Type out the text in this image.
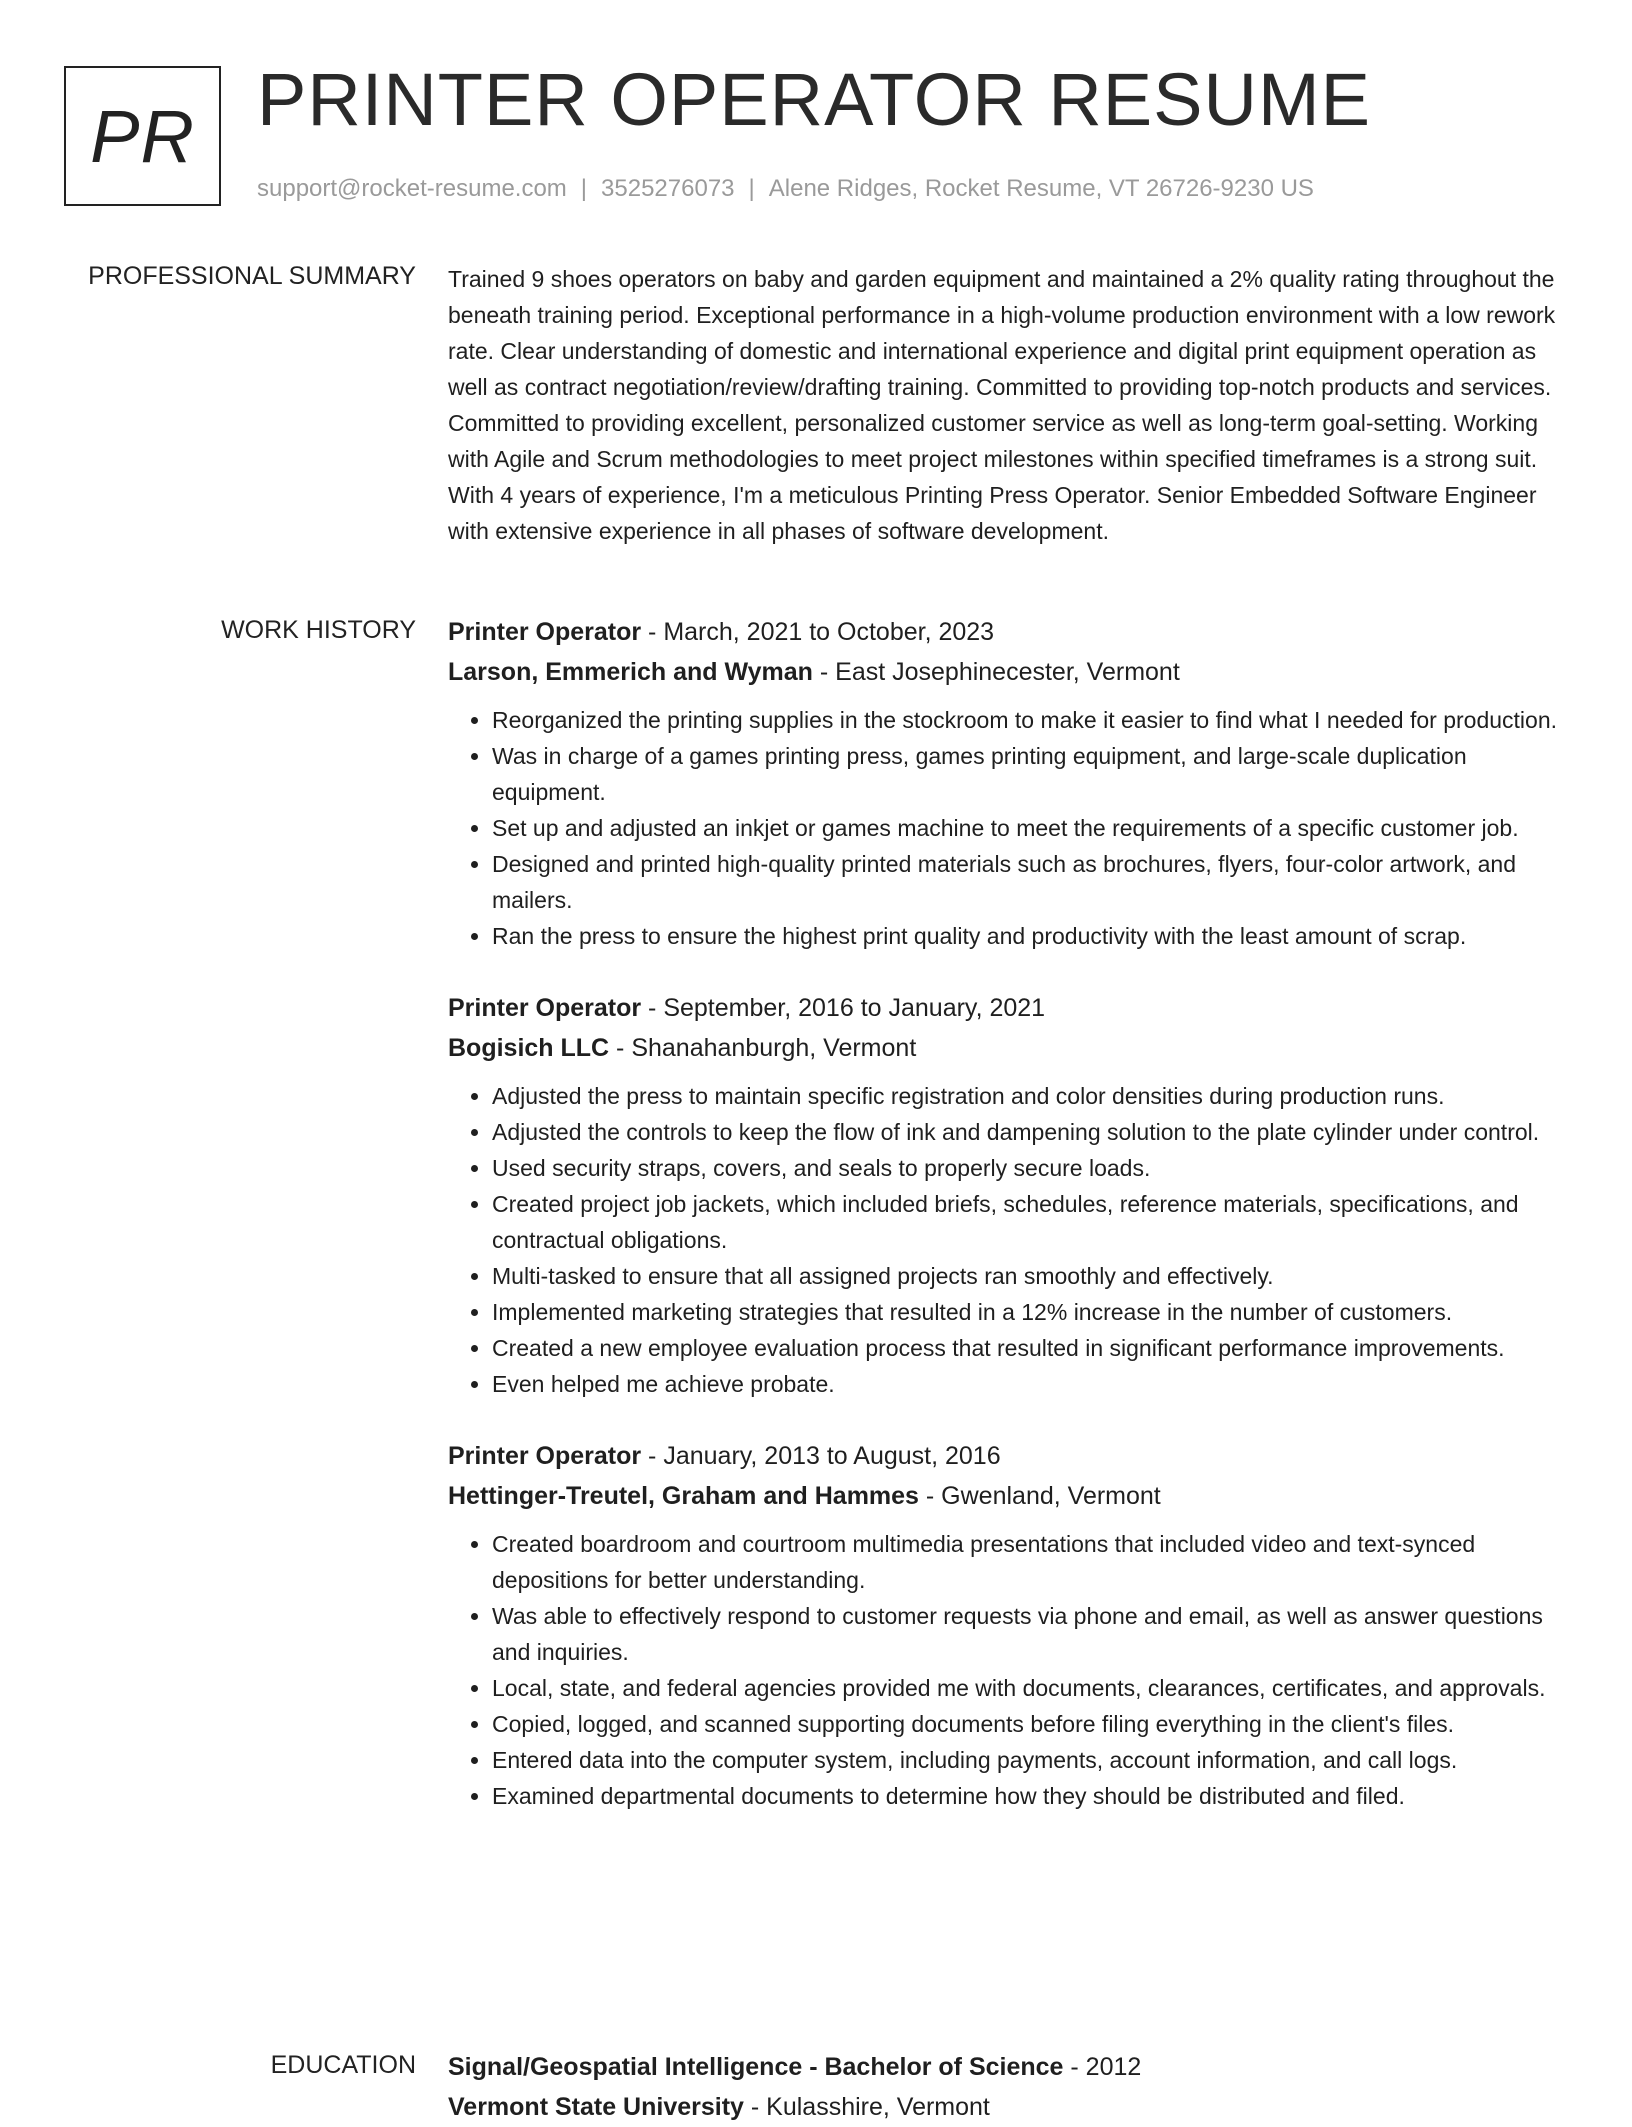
PR PRINTER OPERATOR RESUME
support@rocket-resume.com | 3525276073 | Alene Ridges, Rocket Resume, VT 26726-9230 US
PROFESSIONAL SUMMARY Trained 9 shoes operators on baby and garden equipment and maintained a 2% quality rating throughout the beneath training period. Exceptional performance in a high-volume production environment with a low rework rate. Clear understanding of domestic and international experience and digital print equipment operation as well as contract negotiation/review/drafting training. Committed to providing top-notch products and services. Committed to providing excellent, personalized customer service as well as long-term goal-setting. Working with Agile and Scrum methodologies to meet project milestones within specified timeframes is a strong suit. With 4 years of experience, I'm a meticulous Printing Press Operator. Senior Embedded Software Engineer with extensive experience in all phases of software development.

WORK HISTORY Printer Operator - March, 2021 to October, 2023
Larson, Emmerich and Wyman - East Josephinecester, Vermont
• Reorganized the printing supplies in the stockroom to make it easier to find what I needed for production.
• Was in charge of a games printing press, games printing equipment, and large-scale duplication equipment.
• Set up and adjusted an inkjet or games machine to meet the requirements of a specific customer job.
• Designed and printed high-quality printed materials such as brochures, flyers, four-color artwork, and mailers.
• Ran the press to ensure the highest print quality and productivity with the least amount of scrap.
Printer Operator - September, 2016 to January, 2021
Bogisich LLC - Shanahanburgh, Vermont
• Adjusted the press to maintain specific registration and color densities during production runs.
• Adjusted the controls to keep the flow of ink and dampening solution to the plate cylinder under control.
• Used security straps, covers, and seals to properly secure loads.
• Created project job jackets, which included briefs, schedules, reference materials, specifications, and contractual obligations.
• Multi-tasked to ensure that all assigned projects ran smoothly and effectively.
• Implemented marketing strategies that resulted in a 12% increase in the number of customers.
• Created a new employee evaluation process that resulted in significant performance improvements.
• Even helped me achieve probate.
Printer Operator - January, 2013 to August, 2016
Hettinger-Treutel, Graham and Hammes - Gwenland, Vermont
• Created boardroom and courtroom multimedia presentations that included video and text-synced depositions for better understanding.
• Was able to effectively respond to customer requests via phone and email, as well as answer questions and inquiries.
• Local, state, and federal agencies provided me with documents, clearances, certificates, and approvals.
• Copied, logged, and scanned supporting documents before filing everything in the client's files.
• Entered data into the computer system, including payments, account information, and call logs.
• Examined departmental documents to determine how they should be distributed and filed.
EDUCATION Signal/Geospatial Intelligence - Bachelor of Science - 2012
Vermont State University - Kulasshire, Vermont
